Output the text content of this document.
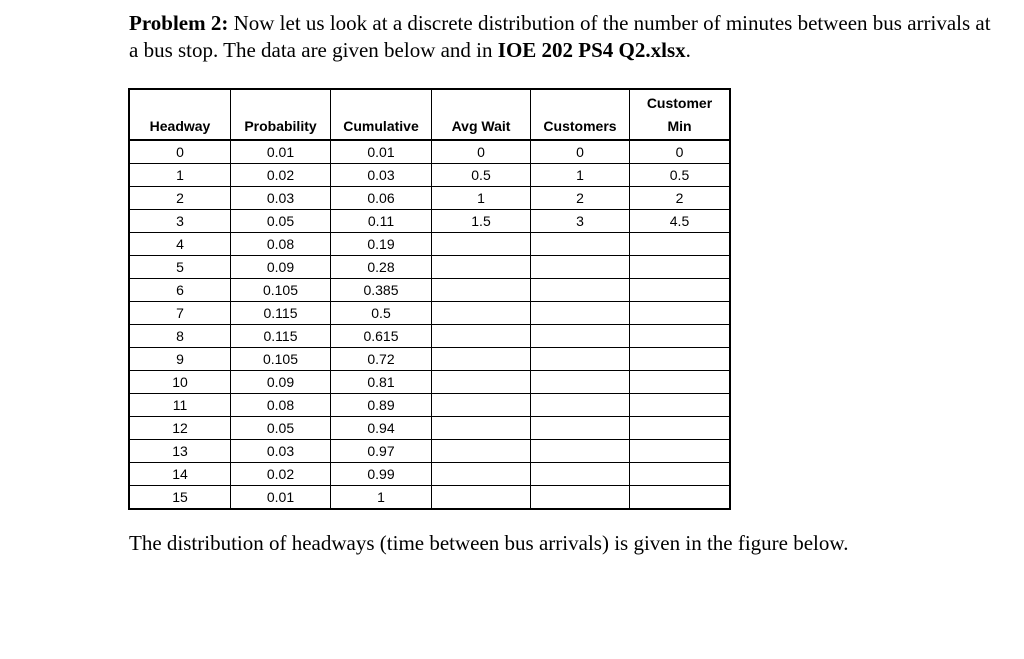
Problem 2: Now let us look at a discrete distribution of the number of minutes between bus arrivals at a bus stop. The data are given below and in IOE 202 PS4 Q2.xlsx.
Headway	Probability	Cumulative	Avg Wait	Customers	Customer Min
0	0.01	0.01	0	0	0
1	0.02	0.03	0.5	1	0.5
2	0.03	0.06	1	2	2
3	0.05	0.11	1.5	3	4.5
4	0.08	0.19			
5	0.09	0.28			
6	0.105	0.385			
7	0.115	0.5			
8	0.115	0.615			
9	0.105	0.72			
10	0.09	0.81			
11	0.08	0.89			
12	0.05	0.94			
13	0.03	0.97			
14	0.02	0.99			
15	0.01	1			
The distribution of headways (time between bus arrivals) is given in the figure below.
